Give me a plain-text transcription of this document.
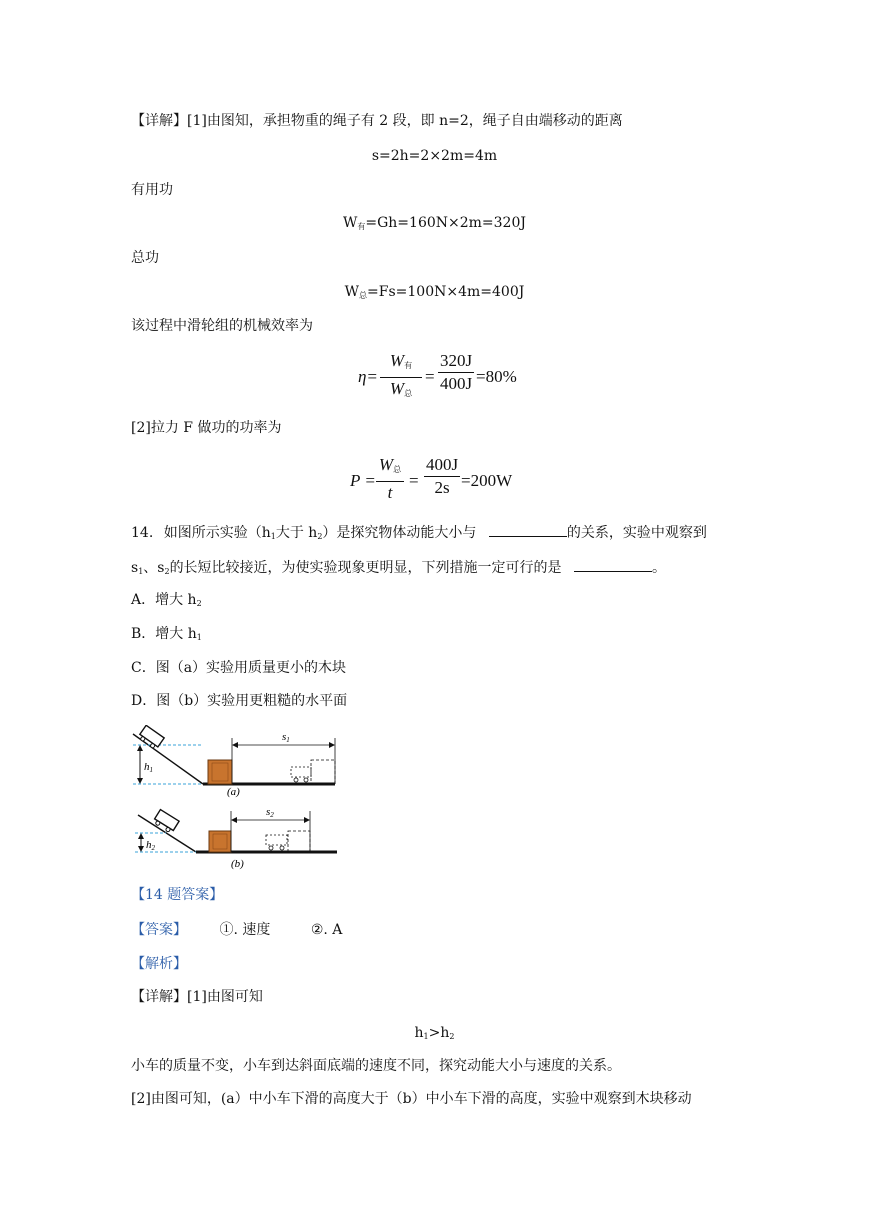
【详解】[1]由图知，承担物重的绳子有 2 段，即 n=2，绳子自由端移动的距离
s=2h=2×2m=4m
有用功
$W_有=Gh=160N\times 2m=320J$
总功
$W_总=Fs=100N\times 4m=400J$
该过程中滑轮组的机械效率为
η=
$W_有$
$W_总$
=
320J
400J =80%
[2]拉力 F 做功的功率为
P =
$W_总$
t
=
400J
2s =200W
14. 如图所示实验（$h_1$大于 $h_2$）是探究物体动能大小与	的关系，实验中观察到
$s_1$、$s_2$的长短比较接近，为使实验现象更明显，下列措施一定可行的是	。
A．增大 $h_2$
B．增大 $h_1$
C．图（a）实验用质量更小的木块
D．图（b）实验用更粗糙的水平面
s1
h1
(a)
s2
h2
(b)
【14 题答案】
【答案】 ①. 速度	②. A
【解析】
【详解】[1]由图可知
$h_1>h_2$
小车的质量不变，小车到达斜面底端的速度不同，探究动能大小与速度的关系。
[2]由图可知，(a）中小车下滑的高度大于（b）中小车下滑的高度，实验中观察到木块移动
